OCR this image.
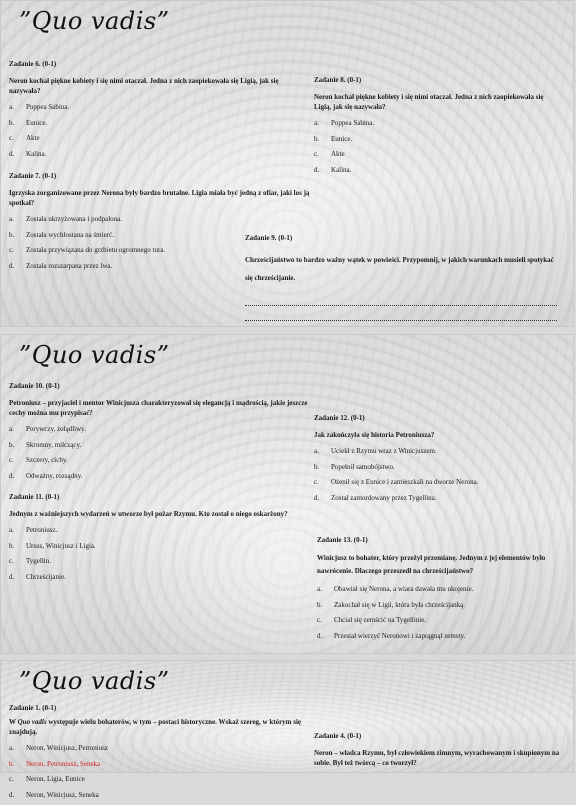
”Quo vadis”
Zadanie 6. (0-1)
Neron kochał piękne kobiety i się nimi otaczał. Jedna z nich zaopiekowała się Ligią, jak się nazywała?
a.	Poppea Sabina.
b.	Eunice.
c.	Akte
d.	Kalina.
Zadanie 7. (0-1)
Igrzyska zorganizowane przez Nerona były bardzo brutalne. Ligia miała być jedną z ofiar, jaki los ją spotkał?
a.	Została ukrzyżowana i podpalona.
b.	Została wychłostana na śmierć.
c.	Została przywiązana do grzbietu ogromnego tura.
d.	Została rozszarpana przez lwa.
Zadanie 8. (0-1)
Neron kochał piękne kobiety i się nimi otaczał. Jedna z nich zaopiekowała się Ligią, jak się nazywała?
a.	Poppea Sabina.
b.	Eunice.
c.	Akte
d.	Kalina.
Zadanie 9. (0-1)
Chrześcijaństwo to bardzo ważny wątek w powieści. Przypomnij, w jakich warunkach musieli spotykać się chrześcijanie.
”Quo vadis”
Zadanie 10. (0-1)
Petroniusz – przyjaciel i mentor Winicjusza charakteryzował się elegancją i mądrością, jakie jeszcze cechy można mu przypisać?
a.	Porywczy, żołądliwy.
b.	Skromny, milczący.
c.	Szczery, cichy.
d.	Odważny, rozsądny.
Zadanie 11. (0-1)
Jednym z ważniejszych wydarzeń w utworze był pożar Rzymu. Kto został o niego oskarżony?
a.	Petroniusz.
b.	Ursus, Winicjusz i Ligia.
c.	Tygellin.
d.	Chrześcijanie.
Zadanie 12. (0-1)
Jak zakończyła się historia Petroniusza?
a.	Uciekł z Rzymu wraz z Winicjuszem.
b.	Popełnił samobójstwo.
c.	Ożenił się z Eunice i zamieszkali na dworze Nerona.
d.	Został zamordowany przez Tygellina.
Zadanie 13. (0-1)
Winicjusz to bohater, który przeżył przemianę. Jednym z jej elementów było nawrócenie. Dlaczego przeszedł na chrześcijaństwo?
a.	Obawiał się Nerona, a wiara dawała mu ukojenie.
b.	Zakochał się w Ligii, która była chrześcijanką.
c.	Chciał się zemścić na Tygellinie.
d.	Przestał wierzyć Neronowi i zaprągnął zemsty.
”Quo vadis”
Zadanie 1. (0-1)
W Quo vadis występuje wielu bohaterów, w tym – postaci historyczne. Wskaż szereg, w którym się znajdują.
a.	Neron, Winicjusz, Petroniusz
b.	Neron, Petroniusz, Seneka
c.	Neron, Ligia, Eunice
d.	Neron, Winicjusz, Seneka
Zadanie 4. (0-1)
Neron – władca Rzymu, był człowiekiem zimnym, wyrachowanym i skupionym na sobie. Był też twórcą – co tworzył?
